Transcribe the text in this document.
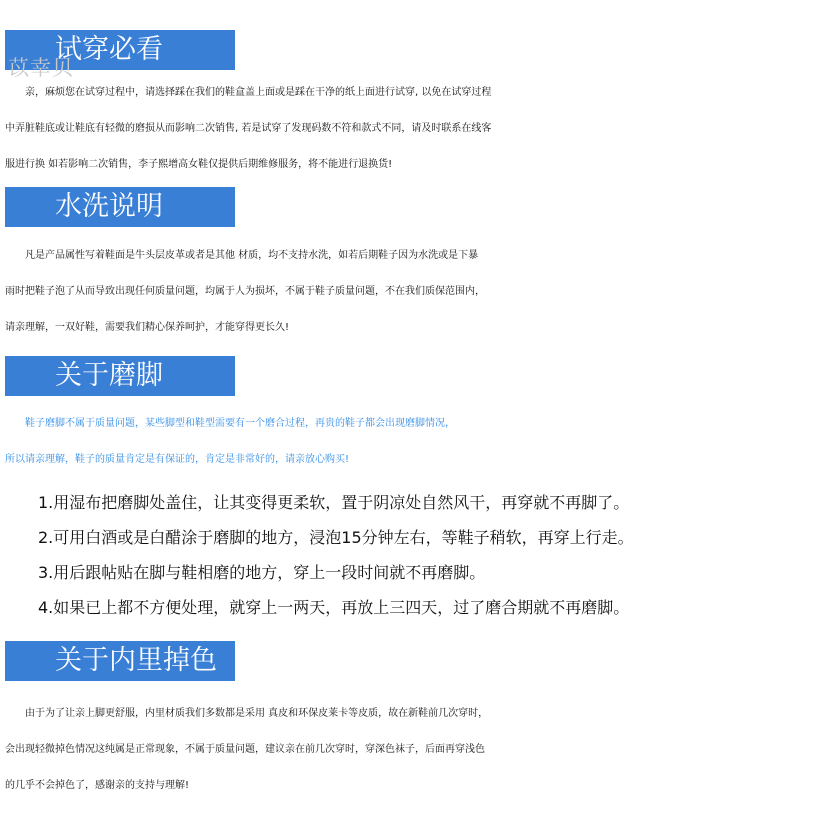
试穿必看
苡幸贝
　　亲，麻烦您在试穿过程中，请选择踩在我们的鞋盒盖上面或是踩在干净的纸上面进行试穿, 以免在试穿过程
中弄脏鞋底或让鞋底有轻微的磨损从而影响二次销售, 若是试穿了发现码数不符和款式不同，请及时联系在线客
服进行换 如若影响二次销售，李子熙增高女鞋仅提供后期维修服务，将不能进行退换货!
水洗说明
　　凡是产品属性写着鞋面是牛头层皮革或者是其他 材质，均不支持水洗，如若后期鞋子因为水洗或是下暴
雨时把鞋子泡了从而导致出现任何质量问题，均属于人为损坏，不属于鞋子质量问题，不在我们质保范围内，
请亲理解，一双好鞋，需要我们精心保养呵护，才能穿得更长久!
关于磨脚
　　鞋子磨脚不属于质量问题，某些脚型和鞋型需要有一个磨合过程，再贵的鞋子都会出现磨脚情况，
所以请亲理解，鞋子的质量肯定是有保证的，肯定是非常好的，请亲放心购买!
1.用湿布把磨脚处盖住，让其变得更柔软，置于阴凉处自然风干，再穿就不再脚了。
2.可用白酒或是白醋涂于磨脚的地方，浸泡15分钟左右，等鞋子稍软，再穿上行走。
3.用后跟帖贴在脚与鞋相磨的地方，穿上一段时间就不再磨脚。
4.如果已上都不方便处理，就穿上一两天，再放上三四天，过了磨合期就不再磨脚。
关于内里掉色
　　由于为了让亲上脚更舒服，内里材质我们多数都是采用 真皮和环保皮莱卡等皮质，故在新鞋前几次穿时，
会出现轻微掉色情况这纯属是正常现象，不属于质量问题，建议亲在前几次穿时，穿深色袜子，后面再穿浅色
的几乎不会掉色了，感谢亲的支持与理解!
